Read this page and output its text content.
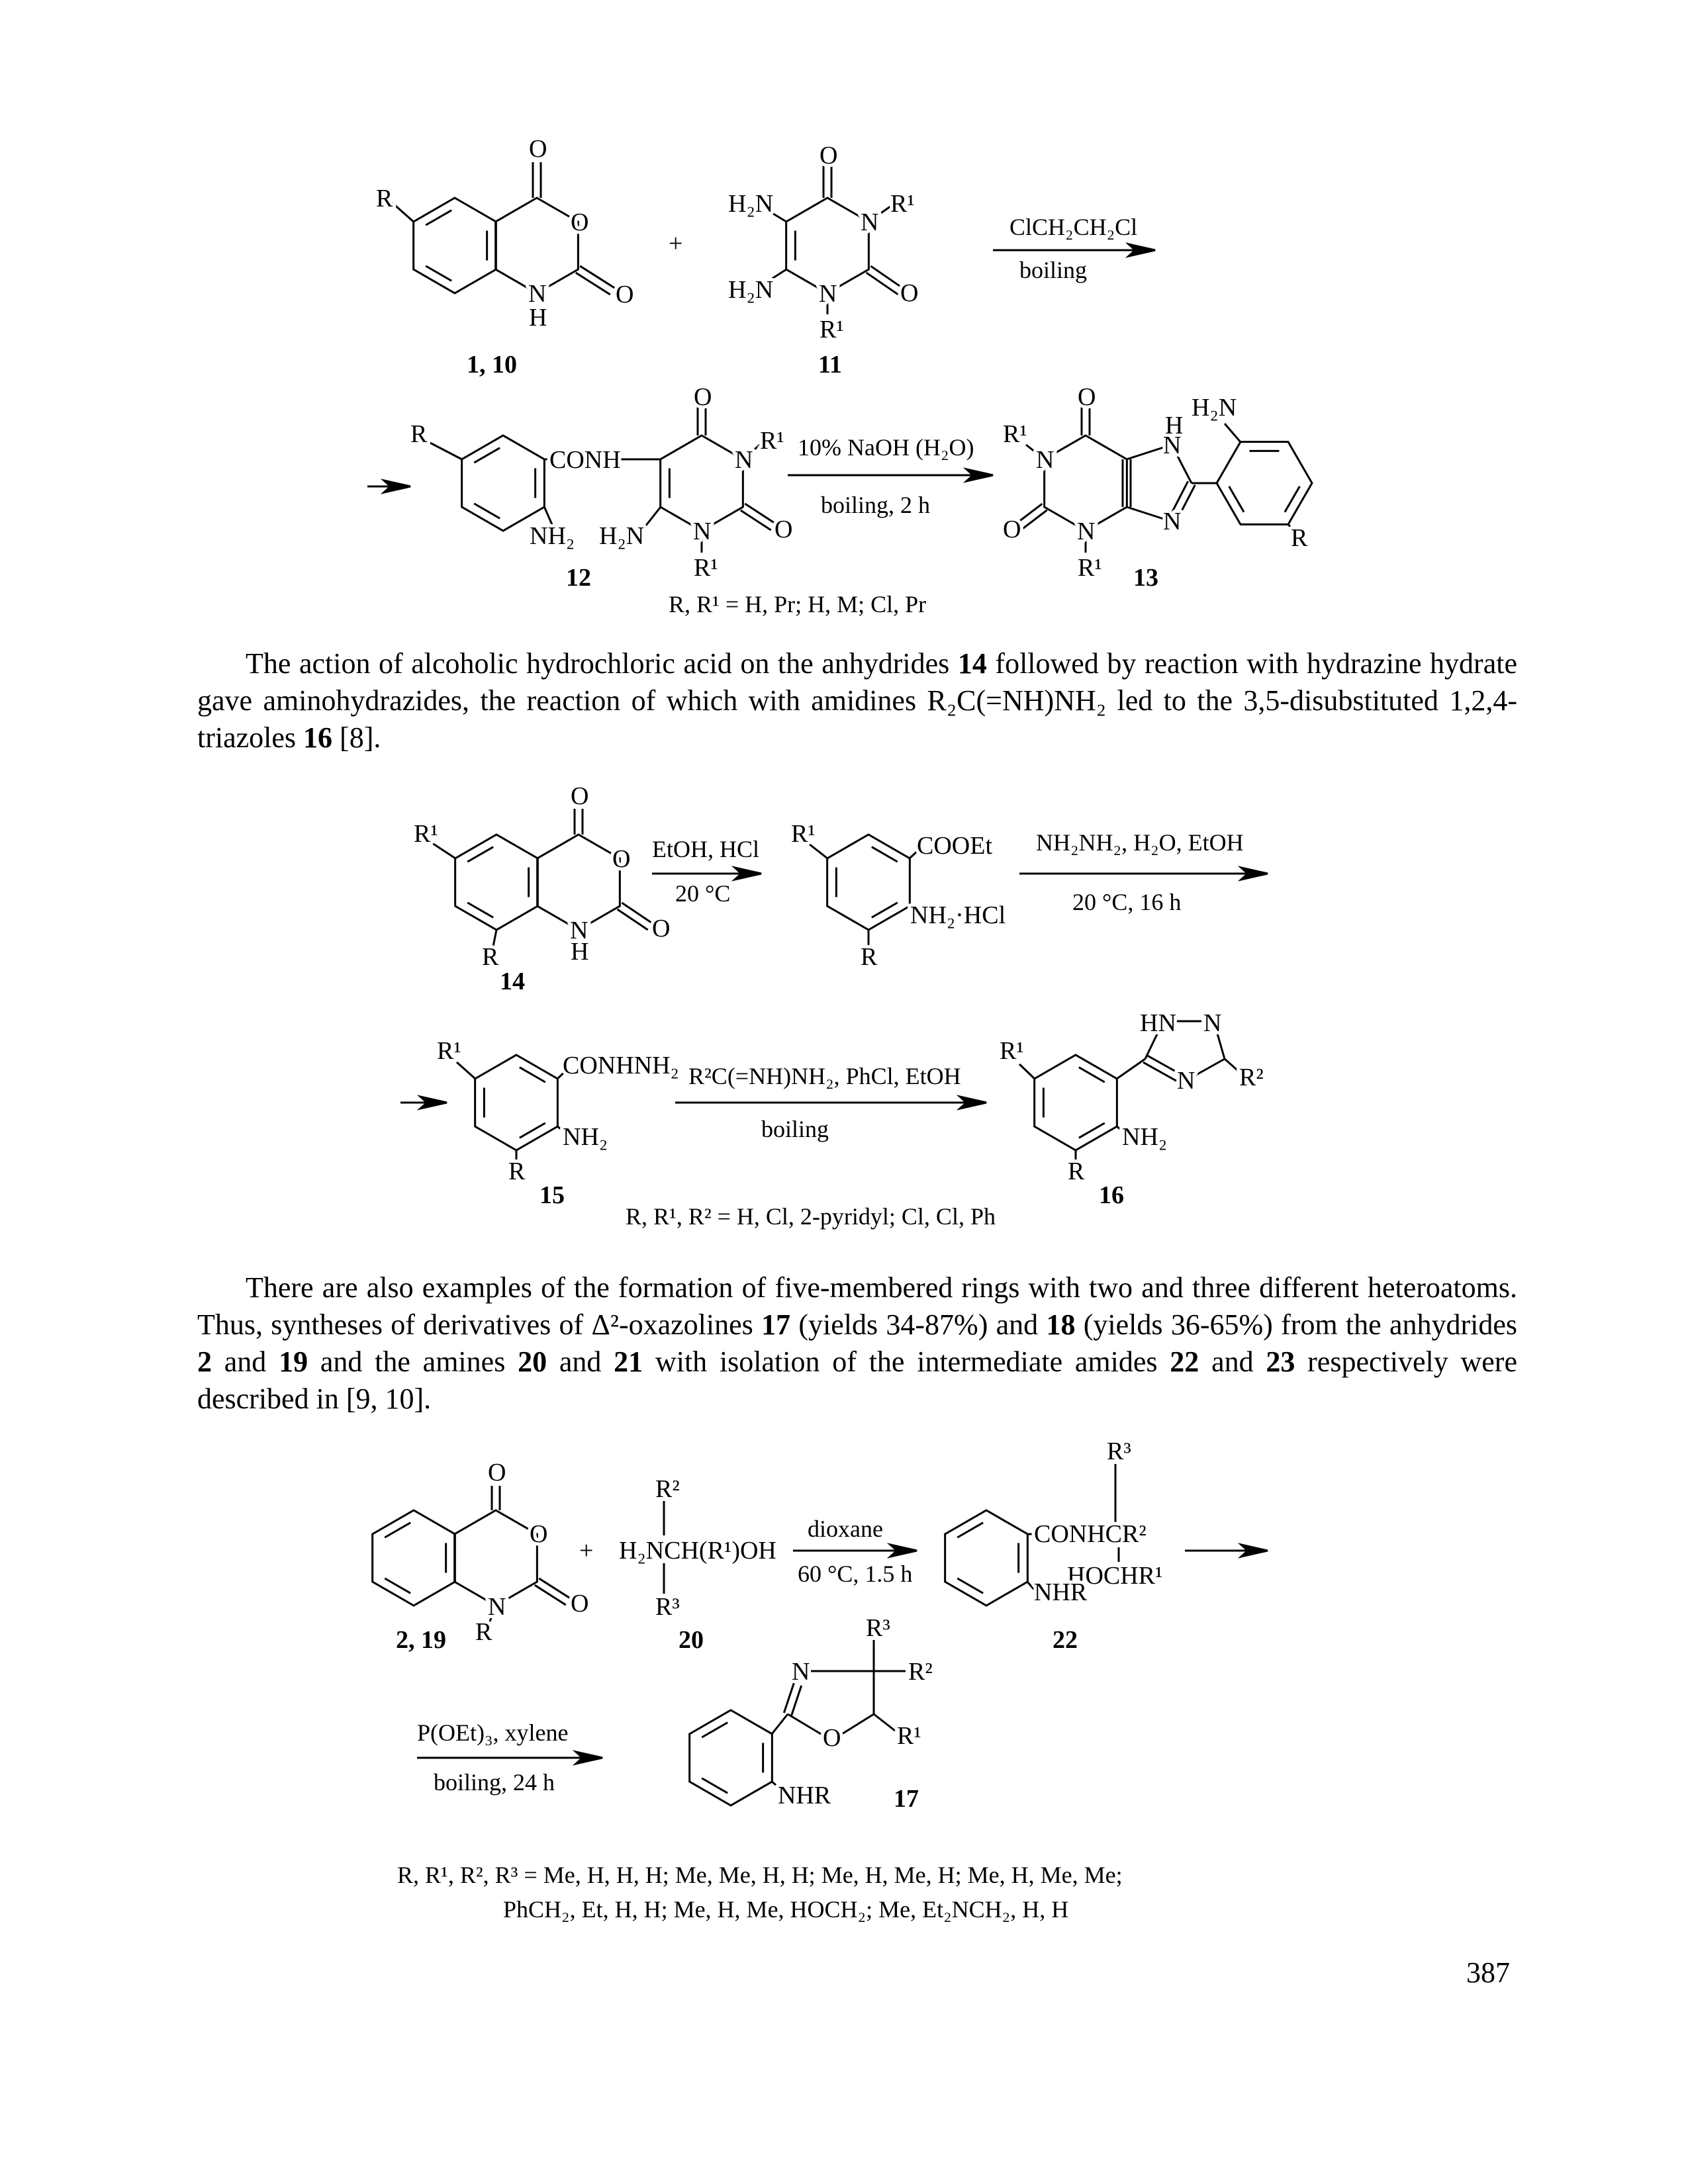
R
O
O
O
N
H
1, 10
+
O
N
R¹
O
N
R¹
H₂N
H₂N
11
ClCH₂CH₂Cl
boiling
R
CONH
NH₂
O
N
R¹
O
N
R¹
H₂N
12
10% NaOH (H₂O)
boiling, 2 h
O
R¹
N
O N
R¹
H
N
N
H₂N
R
13
R, R¹ = H, Pr; H, M; Cl, Pr
R¹
R
O
O
O
N
H
14
EtOH, HCl
20 °C
R¹	COOEt
NH₂·HCl
R
NH₂NH₂, H₂O, EtOH
20 °C, 16 h
R¹
CONHNH₂
NH₂
R
15
R²C(=NH)NH₂, PhCl, EtOH
boiling
R¹
HN N
N R²
NH₂
R
16
R, R¹, R² = H, Cl, 2-pyridyl; Cl, Cl, Ph
O
O
O
N
R
2, 19
+
R²
H₂NCH(R¹)OH
R³
20
dioxane
60 °C, 1.5 h
R³
CONHCR²
HOCHR¹
NHR
22
P(OEt)₃, xylene
boiling, 24 h
R³
N	R²
O R¹
NHR 17
R, R¹, R², R³ = Me, H, H, H; Me, Me, H, H; Me, H, Me, H; Me, H, Me, Me;
PhCH₂, Et, H, H; Me, H, Me, HOCH₂; Me, Et₂NCH₂, H, H
The action of alcoholic hydrochloric acid on the anhydrides 14 followed by reaction with hydrazine hydrate gave aminohydrazides, the reaction of which with amidines R₂C(=NH)NH₂ led to the 3,5-disubstituted 1,2,4-triazoles 16 [8].
There are also examples of the formation of five-membered rings with two and three different heteroatoms. Thus, syntheses of derivatives of Δ²-oxazolines 17 (yields 34-87%) and 18 (yields 36-65%) from the anhydrides 2 and 19 and the amines 20 and 21 with isolation of the intermediate amides 22 and 23 respectively were described in [9, 10].
387
